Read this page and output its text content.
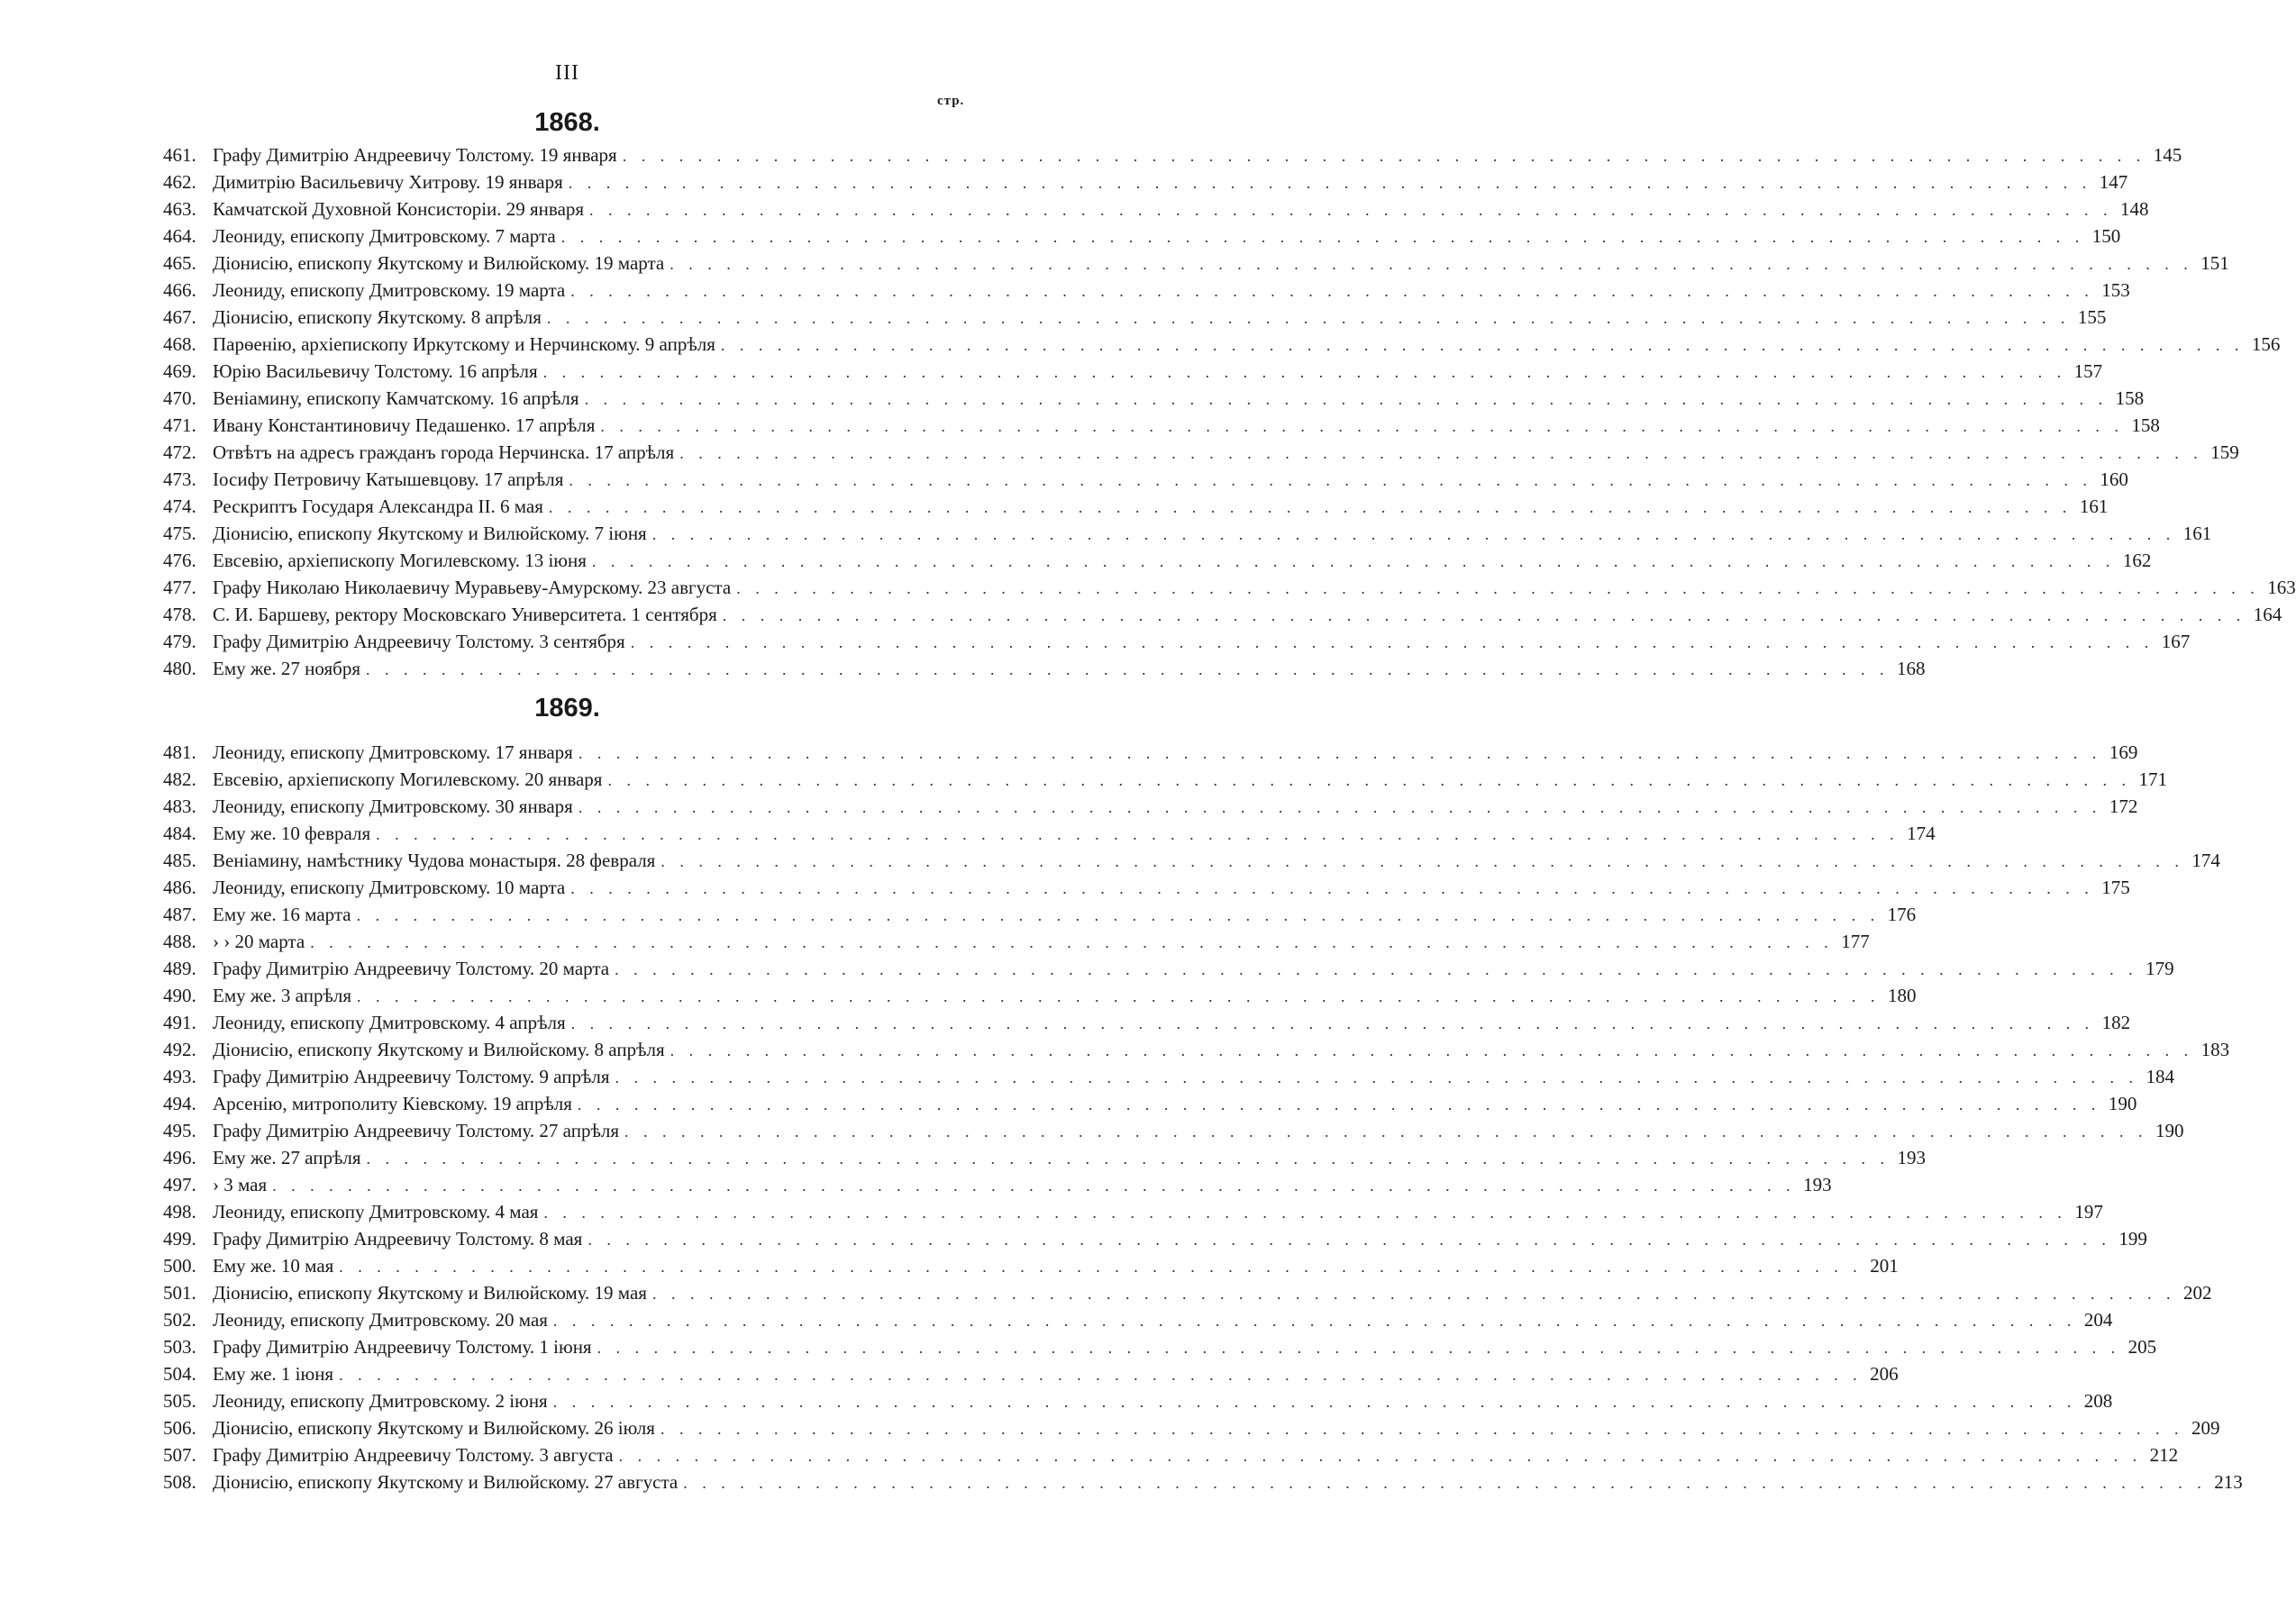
III
стр.
1868.
461. Графу Димитрію Андреевичу Толстому. 19 января . . .	145
462. Димитрію Васильевичу Хитрову. 19 января . . .	147
463. Камчатской Духовной Консисторіи. 29 января . . .	148
464. Леониду, епископу Дмитровскому. 7 марта . . .	150
465. Діонисію, епископу Якутскому и Вилюйскому. 19 марта . . .	151
466. Леониду, епископу Дмитровскому. 19 марта . . .	153
467. Діонисію, епископу Якутскому. 8 апрѣля . . .	155
468. Парѳенію, архіепископу Иркутскому и Нерчинскому. 9 апрѣля . . .	156
469. Юрію Васильевичу Толстому. 16 апрѣля . . .	157
470. Веніамину, епископу Камчатскому. 16 апрѣля . . .	158
471. Ивану Константиновичу Педашенко. 17 апрѣля . . .	158
472. Отвѣтъ на адресъ гражданъ города Нерчинска. 17 апрѣля . . .	159
473. Іосифу Петровичу Катышевцову. 17 апрѣля . . .	160
474. Рескриптъ Государя Александра II. 6 мая . . .	161
475. Діонисію, епископу Якутскому и Вилюйскому. 7 іюня . . .	161
476. Евсевію, архіепископу Могилевскому. 13 іюня . . .	162
477. Графу Николаю Николаевичу Муравьеву-Амурскому. 23 августа . . .	163
478. С. И. Баршеву, ректору Московскаго Университета. 1 сентября . . .	164
479. Графу Димитрію Андреевичу Толстому. 3 сентября . . .	167
480. Ему же. 27 ноября . . .	168
1869.
481. Леониду, епископу Дмитровскому. 17 января . . .	169
482. Евсевію, архіепископу Могилевскому. 20 января . . .	171
483. Леониду, епископу Дмитровскому. 30 января . . .	172
484. Ему же. 10 февраля . . .	174
485. Веніамину, намѣстнику Чудова монастыря. 28 февраля . . .	174
486. Леониду, епископу Дмитровскому. 10 марта . . .	175
487. Ему же. 16 марта . . .	176
488. › › 20 марта . . .	177
489. Графу Димитрію Андреевичу Толстому. 20 марта . . .	179
490. Ему же. 3 апрѣля . . .	180
491. Леониду, епископу Дмитровскому. 4 апрѣля . . .	182
492. Діонисію, епископу Якутскому и Вилюйскому. 8 апрѣля . . .	183
493. Графу Димитрію Андреевичу Толстому. 9 апрѣля . . .	184
494. Арсенію, митрополиту Кіевскому. 19 апрѣля . . .	190
495. Графу Димитрію Андреевичу Толстому. 27 апрѣля . . .	190
496. Ему же. 27 апрѣля . . .	193
497. › 3 мая . . .	193
498. Леониду, епископу Дмитровскому. 4 мая . . .	197
499. Графу Димитрію Андреевичу Толстому. 8 мая . . .	199
500. Ему же. 10 мая . . .	201
501. Діонисію, епископу Якутскому и Вилюйскому. 19 мая . . .	202
502. Леониду, епископу Дмитровскому. 20 мая . . .	204
503. Графу Димитрію Андреевичу Толстому. 1 іюня . . .	205
504. Ему же. 1 іюня . . .	206
505. Леониду, епископу Дмитровскому. 2 іюня . . .	208
506. Діонисію, епископу Якутскому и Вилюйскому. 26 іюля . . .	209
507. Графу Димитрію Андреевичу Толстому. 3 августа . . .	212
508. Діонисію, епископу Якутскому и Вилюйскому. 27 августа . . .	213
